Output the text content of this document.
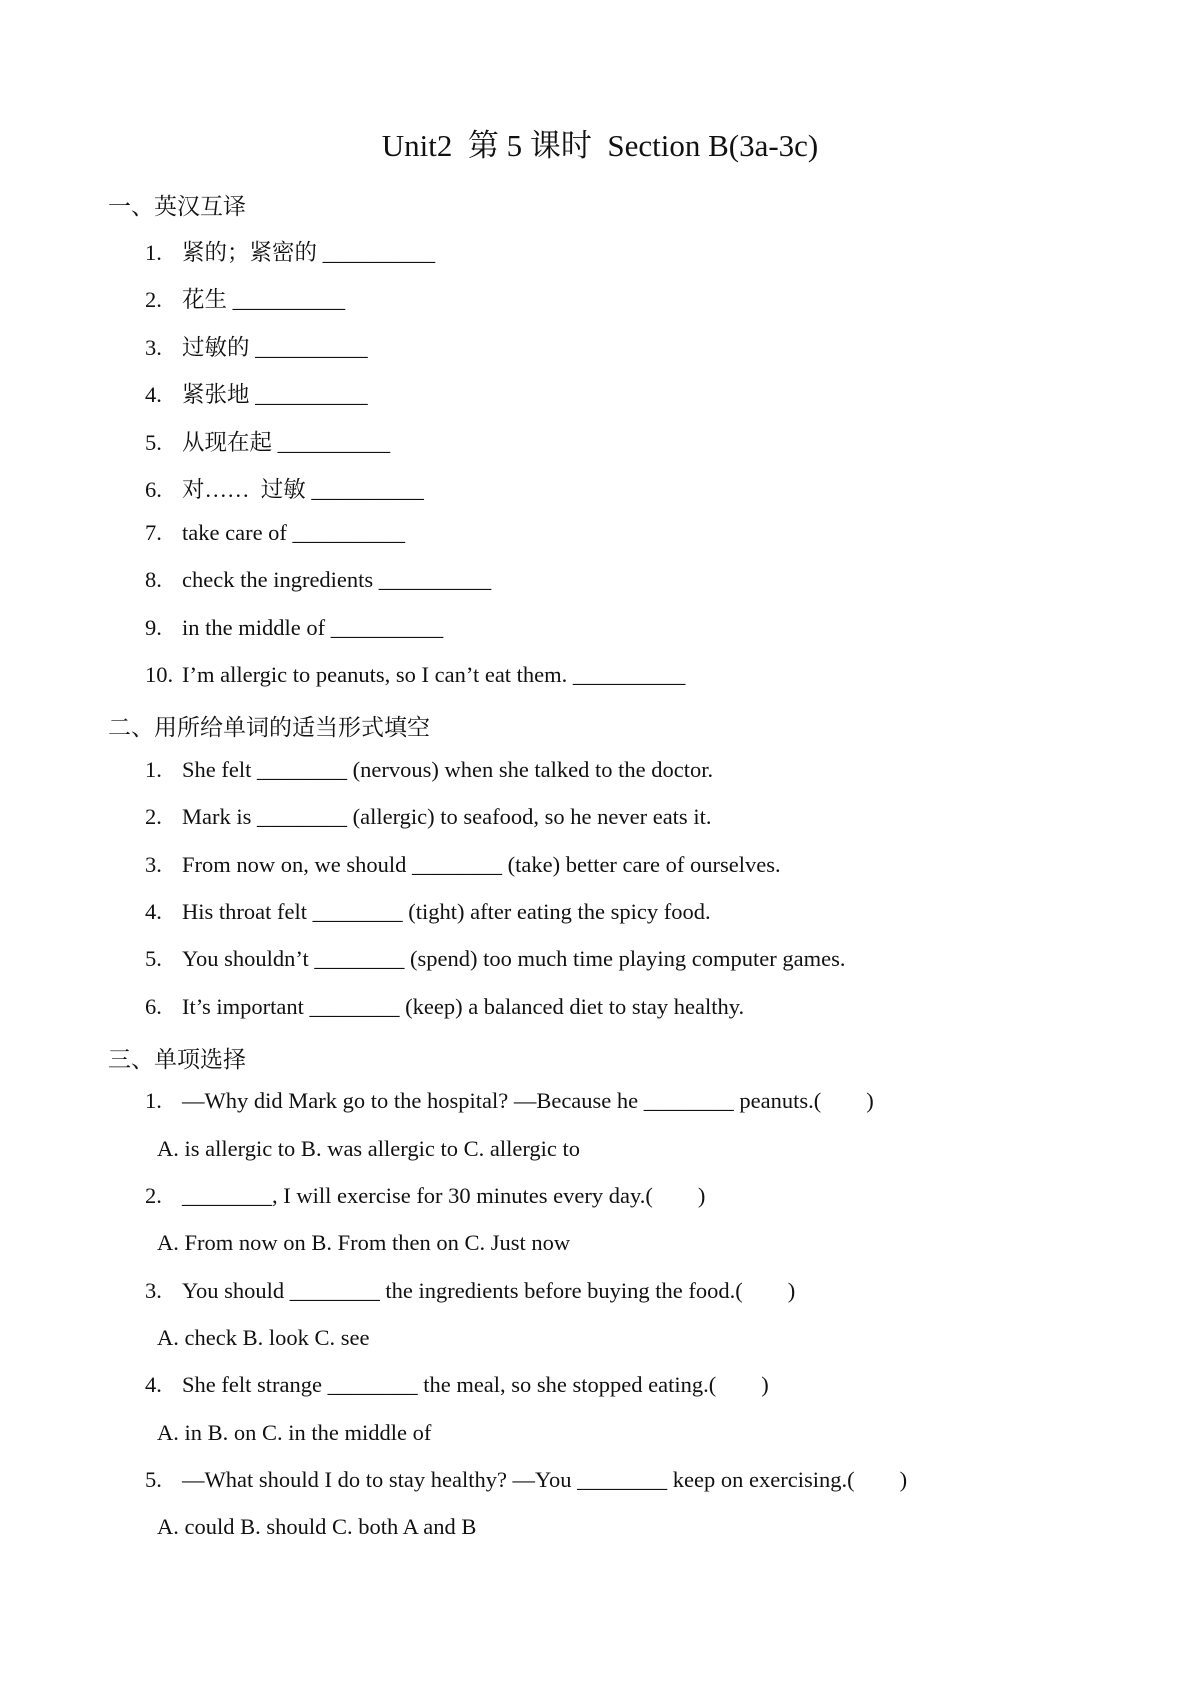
Unit2  第 5 课时  Section B(3a-3c)
一、英汉互译
1. 紧的；紧密的 __________
2. 花生 __________
3. 过敏的 __________
4. 紧张地 __________
5. 从现在起 __________
6. 对……  过敏 __________
7. take care of __________
8. check the ingredients __________
9. in the middle of __________
10. I’m allergic to peanuts, so I can’t eat them. __________
二、用所给单词的适当形式填空
1. She felt ________ (nervous) when she talked to the doctor.
2. Mark is ________ (allergic) to seafood, so he never eats it.
3. From now on, we should ________ (take) better care of ourselves.
4. His throat felt ________ (tight) after eating the spicy food.
5. You shouldn’t ________ (spend) too much time playing computer games.
6. It’s important ________ (keep) a balanced diet to stay healthy.
三、单项选择
1. —Why did Mark go to the hospital? —Because he ________ peanuts.(        )
A. is allergic to B. was allergic to C. allergic to
2. ________, I will exercise for 30 minutes every day.(        )
A. From now on B. From then on C. Just now
3. You should ________ the ingredients before buying the food.(        )
A. check B. look C. see
4. She felt strange ________ the meal, so she stopped eating.(        )
A. in B. on C. in the middle of
5. —What should I do to stay healthy? —You ________ keep on exercising.(        )
A. could B. should C. both A and B
